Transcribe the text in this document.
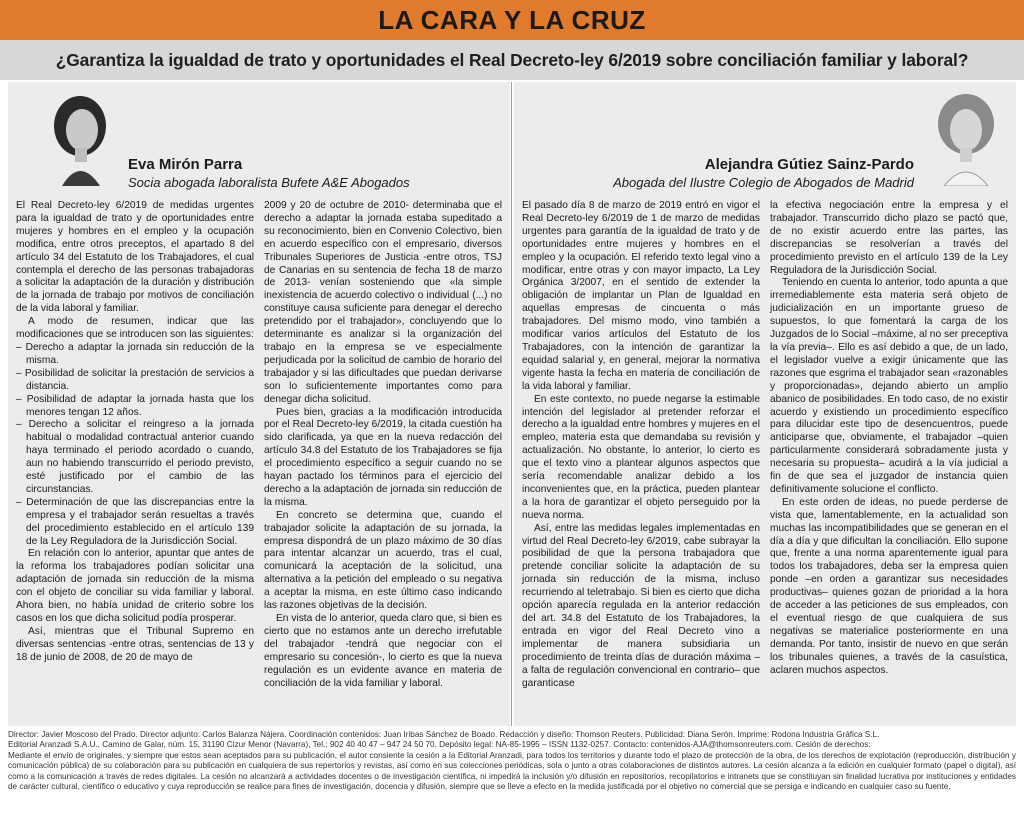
LA CARA Y LA CRUZ
¿Garantiza la igualdad de trato y oportunidades el Real Decreto-ley 6/2019 sobre conciliación familiar y laboral?
Eva Mirón Parra
Socia abogada laboralista Bufete A&E Abogados

El Real Decreto-ley 6/2019 de medidas urgentes para la igualdad de trato y de oportunidades entre mujeres y hombres en el empleo y la ocupación modifica, entre otros preceptos, el apartado 8 del artículo 34 del Estatuto de los Trabajadores, el cual contempla el derecho de las personas trabajadoras a solicitar la adaptación de la duración y distribución de la jornada de trabajo por motivos de conciliación de la vida laboral y familiar.

A modo de resumen, indicar que las modificaciones que se introducen son las siguientes:

– Derecho a adaptar la jornada sin reducción de la misma.

– Posibilidad de solicitar la prestación de servicios a distancia.

– Posibilidad de adaptar la jornada hasta que los menores tengan 12 años.

– Derecho a solicitar el reingreso a la jornada habitual o modalidad contractual anterior cuando haya terminado el periodo acordado o cuando, aun no habiendo transcurrido el periodo previsto, esté justificado por el cambio de las circunstancias.

– Determinación de que las discrepancias entre la empresa y el trabajador serán resueltas a través del procedimiento establecido en el artículo 139 de la Ley Reguladora de la Jurisdicción Social.

En relación con lo anterior, apuntar que antes de la reforma los trabajadores podían solicitar una adaptación de jornada sin reducción de la misma con el objeto de conciliar su vida familiar y laboral. Ahora bien, no había unidad de criterio sobre los casos en los que dicha solicitud podía prosperar.

Así, mientras que el Tribunal Supremo en diversas sentencias -entre otras, sentencias de 13 y 18 de junio de 2008, de 20 de mayo de

2009 y 20 de octubre de 2010- determinaba que el derecho a adaptar la jornada estaba supeditado a su reconocimiento, bien en Convenio Colectivo, bien en acuerdo específico con el empresario, diversos Tribunales Superiores de Justicia -entre otros, TSJ de Canarias en su sentencia de fecha 18 de marzo de 2013- venían sosteniendo que «la simple inexistencia de acuerdo colectivo o individual (...) no constituye causa suficiente para denegar el derecho pretendido por el trabajador», concluyendo que lo determinante es analizar si la organización del trabajo en la empresa se ve especialmente perjudicada por la solicitud de cambio de horario del trabajador y si las dificultades que puedan derivarse son lo suficientemente importantes como para denegar dicha solicitud.

Pues bien, gracias a la modificación introducida por el Real Decreto-ley 6/2019, la citada cuestión ha sido clarificada, ya que en la nueva redacción del artículo 34.8 del Estatuto de los Trabajadores se fija el procedimiento específico a seguir cuando no se hayan pactado los términos para el ejercicio del derecho a la adaptación de jornada sin reducción de la misma.

En concreto se determina que, cuando el trabajador solicite la adaptación de su jornada, la empresa dispondrá de un plazo máximo de 30 días para intentar alcanzar un acuerdo, tras el cual, comunicará la aceptación de la solicitud, una alternativa a la petición del empleado o su negativa a aceptar la misma, en este último caso indicando las razones objetivas de la decisión.

En vista de lo anterior, queda claro que, si bien es cierto que no estamos ante un derecho irrefutable del trabajador -tendrá que negociar con el empresario su concesión-, lo cierto es que la nueva regulación es un evidente avance en materia de conciliación de la vida familiar y laboral.

Alejandra Gútiez Sainz-Pardo
Abogada del Ilustre Colegio de Abogados de Madrid

El pasado día 8 de marzo de 2019 entró en vigor el Real Decreto-ley 6/2019 de 1 de marzo de medidas urgentes para garantía de la igualdad de trato y de oportunidades entre mujeres y hombres en el empleo y la ocupación. El referido texto legal vino a modificar, entre otras y con mayor impacto, La Ley Orgánica 3/2007, en el sentido de extender la obligación de implantar un Plan de Igualdad en aquellas empresas de cincuenta o más trabajadores. Del mismo modo, vino también a modificar varios artículos del Estatuto de los Trabajadores, con la intención de garantizar la equidad salarial y, en general, mejorar la normativa vigente hasta la fecha en materia de conciliación de la vida laboral y familiar.

En este contexto, no puede negarse la estimable intención del legislador al pretender reforzar el derecho a la igualdad entre hombres y mujeres en el empleo, materia esta que demandaba su revisión y actualización. No obstante, lo anterior, lo cierto es que el texto vino a plantear algunos aspectos que sería recomendable analizar debido a los inconvenientes que, en la práctica, pueden plantear a la hora de garantizar el objeto perseguido por la nueva norma.

Así, entre las medidas legales implementadas en virtud del Real Decreto-ley 6/2019, cabe subrayar la posibilidad de que la persona trabajadora que pretende conciliar solicite la adaptación de su jornada sin reducción de la misma, incluso recurriendo al teletrabajo. Si bien es cierto que dicha opción aparecía regulada en la anterior redacción del art. 34.8 del Estatuto de los Trabajadores, la entrada en vigor del Real Decreto vino a implementar de manera subsidiaria un procedimiento de treinta días de duración máxima –a falta de regulación convencional en contrario– que garanticase

la efectiva negociación entre la empresa y el trabajador. Transcurrido dicho plazo se pactó que, de no existir acuerdo entre las partes, las discrepancias se resolverían a través del procedimiento previsto en el artículo 139 de la Ley Reguladora de la Jurisdicción Social.

Teniendo en cuenta lo anterior, todo apunta a que irremediablemente esta materia será objeto de judicialización en un importante grueso de supuestos, lo que fomentará la carga de los Juzgados de lo Social –máxime, al no ser preceptiva la vía previa–. Ello es así debido a que, de un lado, el legislador vuelve a exigir únicamente que las razones que esgrima el trabajador sean «razonables y proporcionadas», dejando abierto un amplio abanico de posibilidades. En todo caso, de no existir acuerdo y existiendo un procedimiento específico para dilucidar este tipo de desencuentros, puede anticiparse que, obviamente, el trabajador –quien particularmente considerará sobradamente justa y necesaria su propuesta– acudirá a la vía judicial a fin de que sea el juzgador de instancia quien definitivamente solucione el conflicto.

En este orden de ideas, no puede perderse de vista que, lamentablemente, en la actualidad son muchas las incompatibilidades que se generan en el día a día y que dificultan la conciliación. Ello supone que, frente a una norma aparentemente igual para todos los trabajadores, deba ser la empresa quien ponde –en orden a garantizar sus necesidades productivas– quienes gozan de prioridad a la hora de acceder a las peticiones de sus empleados, con el eventual riesgo de que cualquiera de sus negativas se materialice posteriormente en una demanda. Por tanto, insistir de nuevo en que serán los tribunales quienes, a través de la casuística, aclaren muchos aspectos.

Director: Javier Moscoso del Prado. Director adjunto: Carlos Balanza Nájera. Coordinación contenidos: Juan Iribas Sánchez de Boado. Redacción y diseño: Thomson Reuters. Publicidad: Diana Serón. Imprime: Rodona Industria Gráfica S.L.
Editorial Aranzadi S.A.U., Camino de Galar, núm. 15, 31190 Cizur Menor (Navarra), Tel.: 902 40 40 47 – 947 24 50 70. Depósito legal: NA-85-1995 – ISSN 1132-0257. Contacto: contenidos-AJA@thomsonreuters.com. Cesión de derechos:
Mediante el envío de originales, y siempre que estos sean aceptados para su publicación, el autor consiente la cesión a la Editorial Aranzadi, para todos los territorios y durante todo el plazo de protección de la obra, de los derechos de explotación (reproducción, distribución y comunicación pública) de su colaboración para su publicación en cualquiera de sus repertorios y revistas, así como en sus colecciones periódicas, sola o junto a otras colaboraciones de distintos autores. La cesión alcanza a la edición en cualquier formato (papel o digital), así como a la comunicación a través de redes digitales. La cesión no alcanzará a actividades docentes o de investigación científica, ni impedirá la inclusión y/o difusión en repositorios, recopilatorios e intranets que se constituyan sin finalidad lucrativa por instituciones y entidades de carácter cultural, científico o educativo y cuya reproducción se realice para fines de investigación, docencia y difusión, siempre que se lleve a efecto en la medida justificada por el objetivo no comercial que se persiga e indicando en cualquier caso su fuente.
